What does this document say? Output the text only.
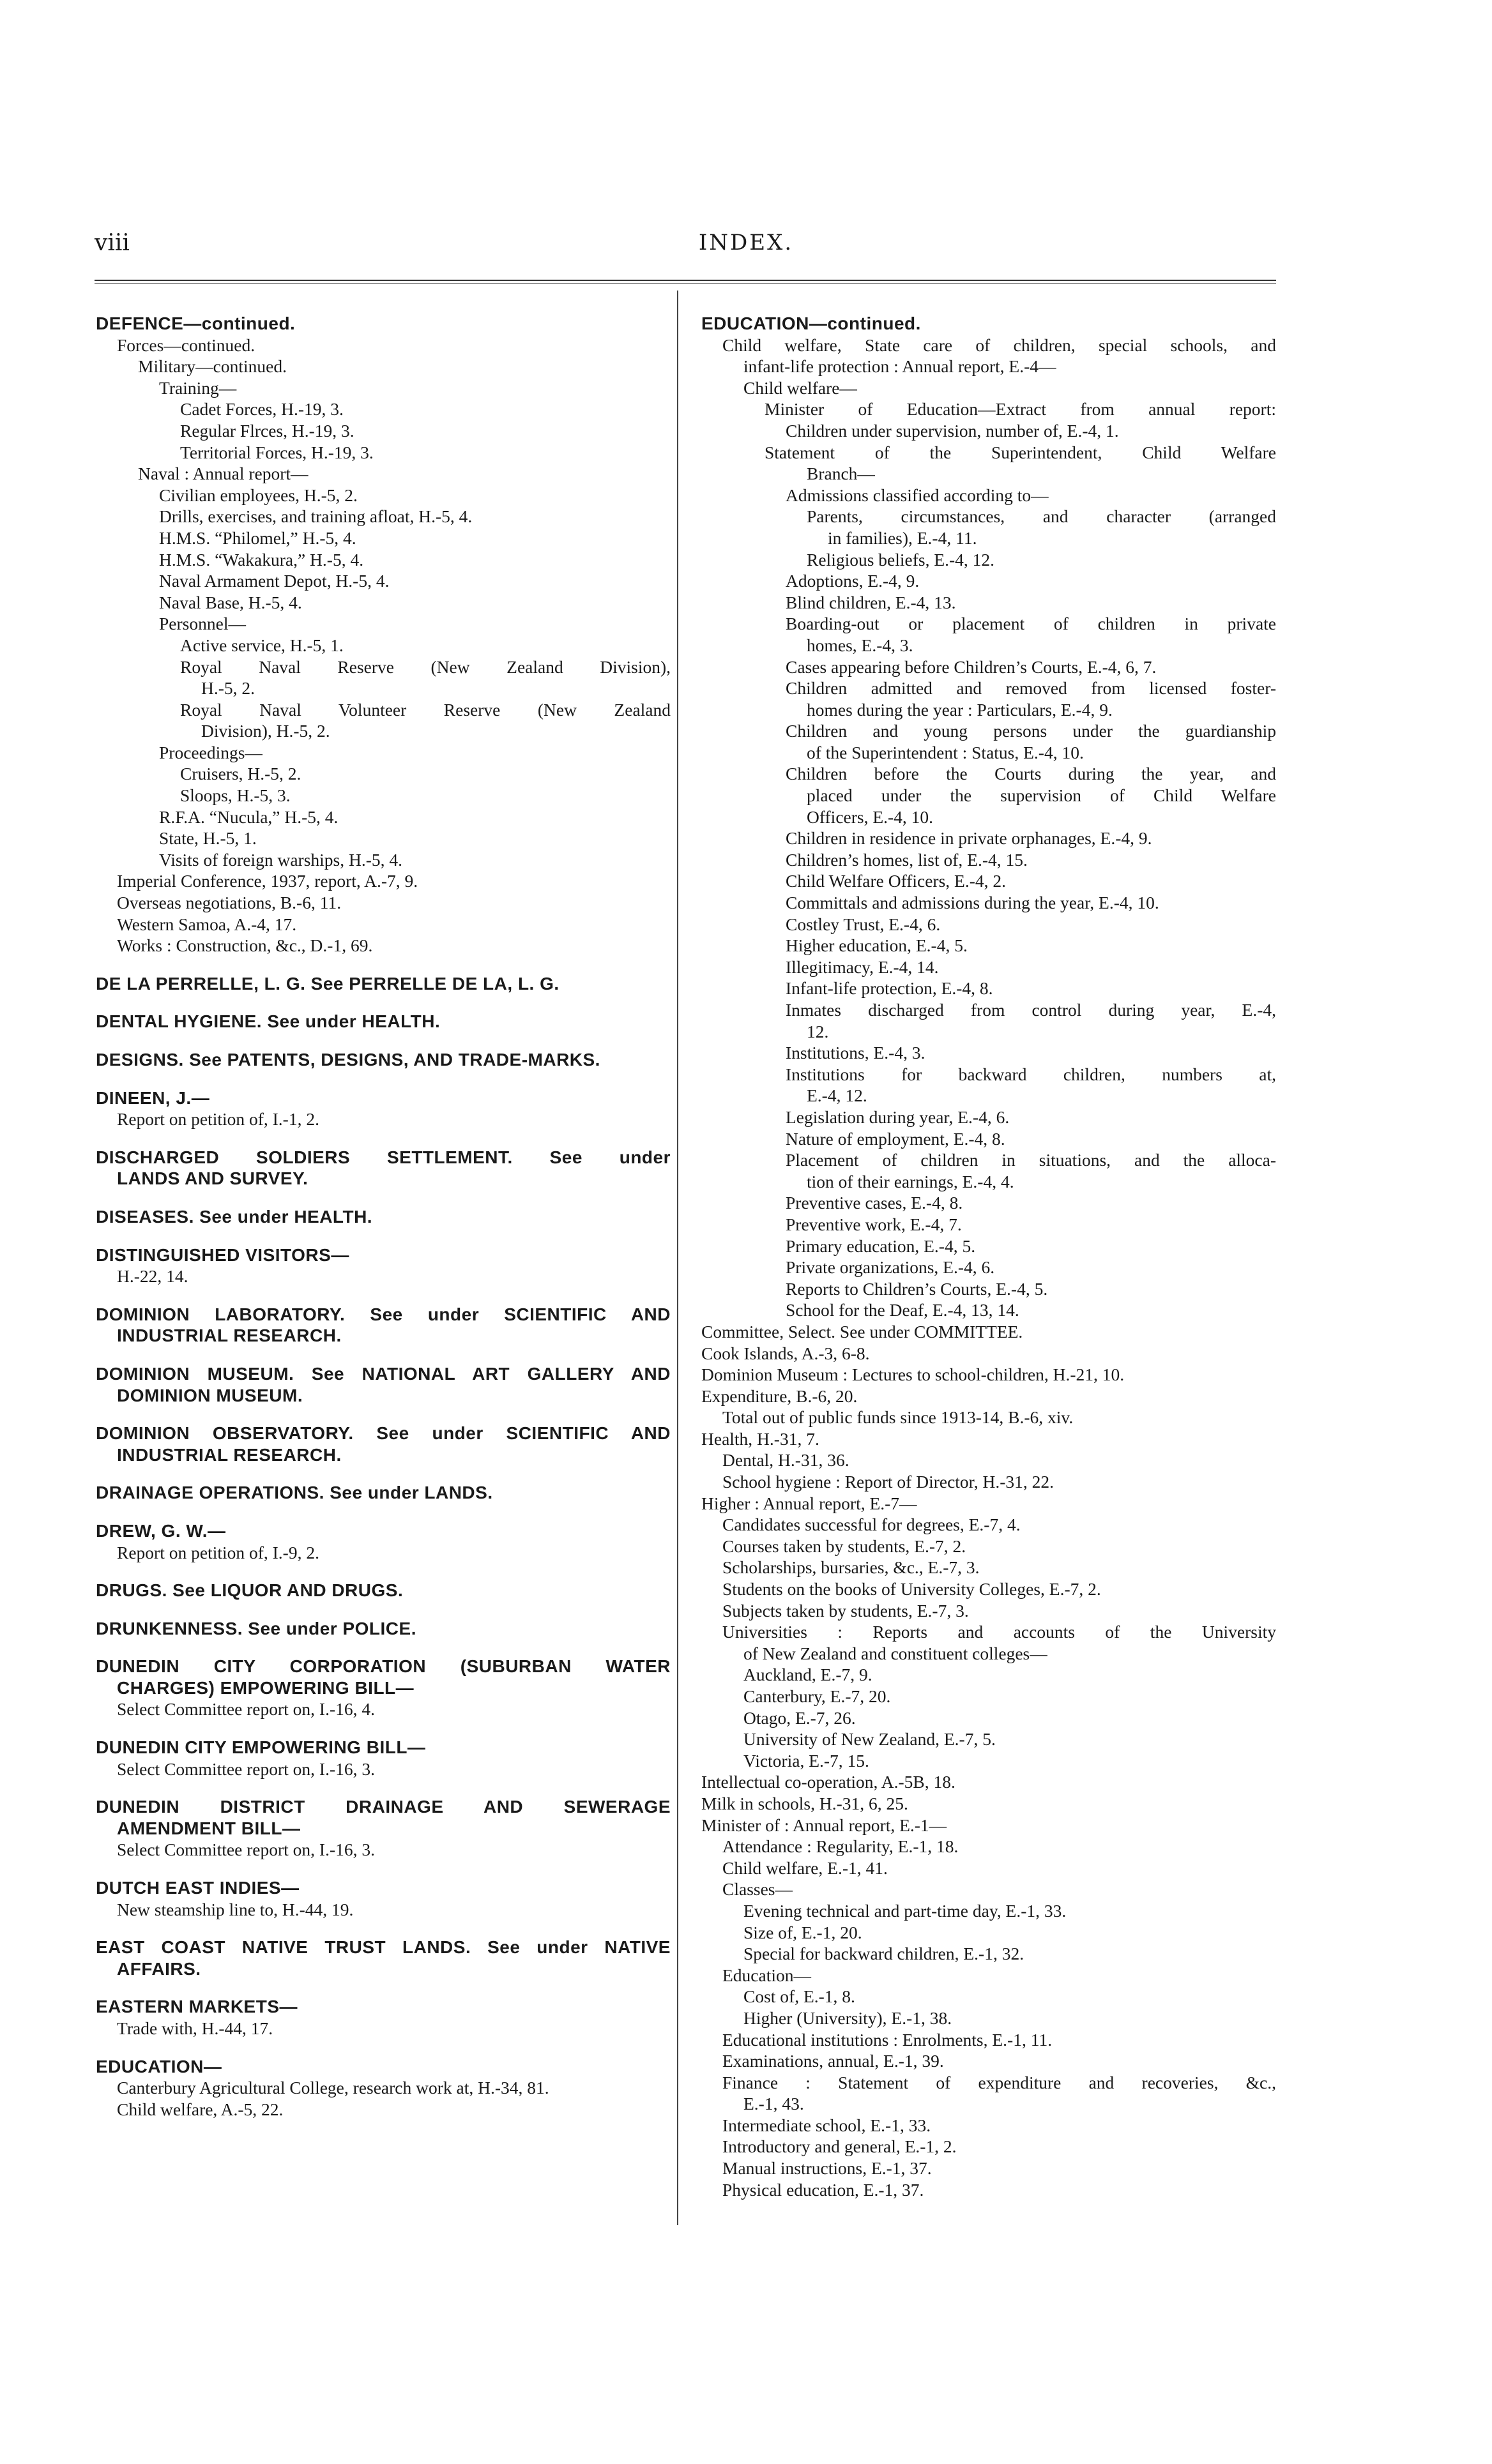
viii	INDEX.
DEFENCE—continued.
Forces—continued.
Military—continued.
Training—
Cadet Forces, H.-19, 3.
Regular Flrces, H.-19, 3.
Territorial Forces, H.-19, 3.
Naval : Annual report—
Civilian employees, H.-5, 2.
Drills, exercises, and training afloat, H.-5, 4.
H.M.S. “Philomel,” H.-5, 4.
H.M.S. “Wakakura,” H.-5, 4.
Naval Armament Depot, H.-5, 4.
Naval Base, H.-5, 4.
Personnel—
Active service, H.-5, 1.
Royal Naval Reserve (New Zealand Division),
H.-5, 2.
Royal Naval Volunteer Reserve (New Zealand
Division), H.-5, 2.
Proceedings—
Cruisers, H.-5, 2.
Sloops, H.-5, 3.
R.F.A. “Nucula,” H.-5, 4.
State, H.-5, 1.
Visits of foreign warships, H.-5, 4.
Imperial Conference, 1937, report, A.-7, 9.
Overseas negotiations, B.-6, 11.
Western Samoa, A.-4, 17.
Works : Construction, &c., D.-1, 69.
DE LA PERRELLE, L. G. See PERRELLE DE LA, L. G.
DENTAL HYGIENE. See under HEALTH.
DESIGNS. See PATENTS, DESIGNS, AND TRADE-MARKS.
DINEEN, J.—
Report on petition of, I.-1, 2.
DISCHARGED SOLDIERS SETTLEMENT. See under
LANDS AND SURVEY.
DISEASES. See under HEALTH.
DISTINGUISHED VISITORS—
H.-22, 14.
DOMINION LABORATORY. See under SCIENTIFIC AND
INDUSTRIAL RESEARCH.
DOMINION MUSEUM. See NATIONAL ART GALLERY AND
DOMINION MUSEUM.
DOMINION OBSERVATORY. See under SCIENTIFIC AND
INDUSTRIAL RESEARCH.
DRAINAGE OPERATIONS. See under LANDS.
DREW, G. W.—
Report on petition of, I.-9, 2.
DRUGS. See LIQUOR AND DRUGS.
DRUNKENNESS. See under POLICE.
DUNEDIN CITY CORPORATION (SUBURBAN WATER
CHARGES) EMPOWERING BILL—
Select Committee report on, I.-16, 4.
DUNEDIN CITY EMPOWERING BILL—
Select Committee report on, I.-16, 3.
DUNEDIN DISTRICT DRAINAGE AND SEWERAGE
AMENDMENT BILL—
Select Committee report on, I.-16, 3.
DUTCH EAST INDIES—
New steamship line to, H.-44, 19.
EAST COAST NATIVE TRUST LANDS. See under NATIVE
AFFAIRS.
EASTERN MARKETS—
Trade with, H.-44, 17.
EDUCATION—
Canterbury Agricultural College, research work at, H.-34, 81.
Child welfare, A.-5, 22.
EDUCATION—continued.
Child welfare, State care of children, special schools, and
infant-life protection : Annual report, E.-4—
Child welfare—
Minister of Education—Extract from annual report:
Children under supervision, number of, E.-4, 1.
Statement of the Superintendent, Child Welfare
Branch—
Admissions classified according to—
Parents, circumstances, and character (arranged
in families), E.-4, 11.
Religious beliefs, E.-4, 12.
Adoptions, E.-4, 9.
Blind children, E.-4, 13.
Boarding-out or placement of children in private
homes, E.-4, 3.
Cases appearing before Children’s Courts, E.-4, 6, 7.
Children admitted and removed from licensed foster-
homes during the year : Particulars, E.-4, 9.
Children and young persons under the guardianship
of the Superintendent : Status, E.-4, 10.
Children before the Courts during the year, and
placed under the supervision of Child Welfare
Officers, E.-4, 10.
Children in residence in private orphanages, E.-4, 9.
Children’s homes, list of, E.-4, 15.
Child Welfare Officers, E.-4, 2.
Committals and admissions during the year, E.-4, 10.
Costley Trust, E.-4, 6.
Higher education, E.-4, 5.
Illegitimacy, E.-4, 14.
Infant-life protection, E.-4, 8.
Inmates discharged from control during year, E.-4,
12.
Institutions, E.-4, 3.
Institutions for backward children, numbers at,
E.-4, 12.
Legislation during year, E.-4, 6.
Nature of employment, E.-4, 8.
Placement of children in situations, and the alloca-
tion of their earnings, E.-4, 4.
Preventive cases, E.-4, 8.
Preventive work, E.-4, 7.
Primary education, E.-4, 5.
Private organizations, E.-4, 6.
Reports to Children’s Courts, E.-4, 5.
School for the Deaf, E.-4, 13, 14.
Committee, Select. See under COMMITTEE.
Cook Islands, A.-3, 6-8.
Dominion Museum : Lectures to school-children, H.-21, 10.
Expenditure, B.-6, 20.
Total out of public funds since 1913-14, B.-6, xiv.
Health, H.-31, 7.
Dental, H.-31, 36.
School hygiene : Report of Director, H.-31, 22.
Higher : Annual report, E.-7—
Candidates successful for degrees, E.-7, 4.
Courses taken by students, E.-7, 2.
Scholarships, bursaries, &c., E.-7, 3.
Students on the books of University Colleges, E.-7, 2.
Subjects taken by students, E.-7, 3.
Universities : Reports and accounts of the University
of New Zealand and constituent colleges—
Auckland, E.-7, 9.
Canterbury, E.-7, 20.
Otago, E.-7, 26.
University of New Zealand, E.-7, 5.
Victoria, E.-7, 15.
Intellectual co-operation, A.-5B, 18.
Milk in schools, H.-31, 6, 25.
Minister of : Annual report, E.-1—
Attendance : Regularity, E.-1, 18.
Child welfare, E.-1, 41.
Classes—
Evening technical and part-time day, E.-1, 33.
Size of, E.-1, 20.
Special for backward children, E.-1, 32.
Education—
Cost of, E.-1, 8.
Higher (University), E.-1, 38.
Educational institutions : Enrolments, E.-1, 11.
Examinations, annual, E.-1, 39.
Finance : Statement of expenditure and recoveries, &c.,
E.-1, 43.
Intermediate school, E.-1, 33.
Introductory and general, E.-1, 2.
Manual instructions, E.-1, 37.
Physical education, E.-1, 37.
